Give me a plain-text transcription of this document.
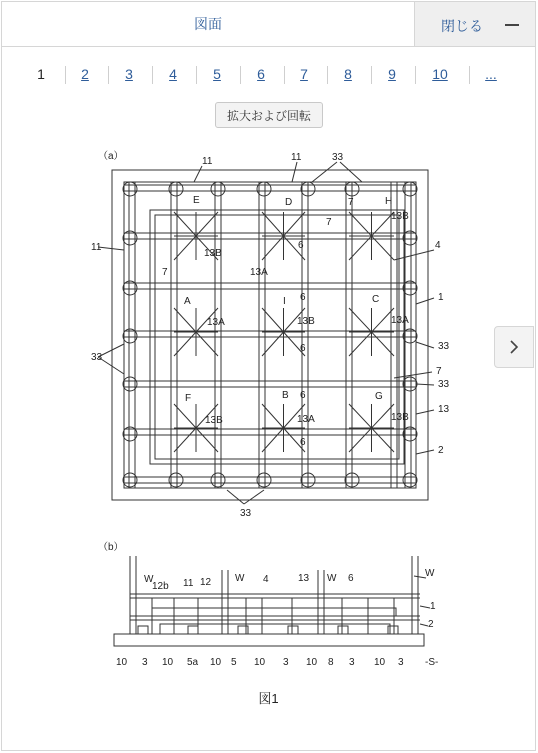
図面	閉じる
1	2	3	4	5	6	7	8	9	10	...
拡大および回転
（a）	11	11	33
E	D	7	H
13B
7
11
13B
6	4
7	13A
A	I 6	C	1
13A	13B	13A
33
6	33
7
33
F	B 6	G
13
13B	13A	13B
6
2
33
（b）
W
12b 11 12 W 4	13 W 6	W
1
2
10 3 10 5a 10 5 10 3 10 8 3 10 3 -S-
図1
